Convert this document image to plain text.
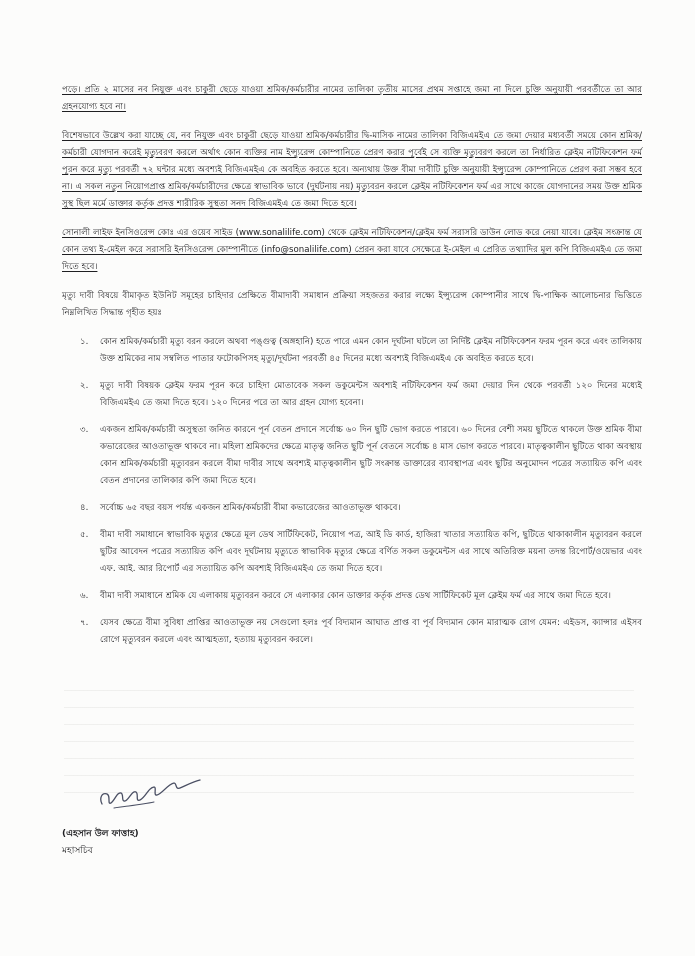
পড়ে। প্রতি ২ মাসের নব নিযুক্ত এবং চাকুরী ছেড়ে যাওয়া শ্রমিক/কর্মচারীর নামের তালিকা তৃতীয় মাসের প্রথম সপ্তাহে জমা না দিলে চুক্তি অনুযায়ী পরবর্তীতে তা আর গ্রহনযোগ্য হবে না।

বিশেষভাবে উল্লেখ করা যাচ্ছে যে, নব নিযুক্ত এবং চাকুরী ছেড়ে যাওয়া শ্রমিক/কর্মচারীর দ্বি-মাসিক নামের তালিকা বিজিএমইএ তে জমা দেয়ার মধ্যবর্তী সময়ে কোন শ্রমিক/কর্মচারী যোগদান করেই মৃত্যুবরণ করলে অর্থাৎ কোন ব্যক্তির নাম ইন্স্যুরেন্স কোম্পানিতে প্রেরণ করার পূর্বেই সে ব্যক্তি মৃত্যুবরণ করলে তা নির্ধারিত ক্লেইম নটিফিকেশন ফর্ম পূরন করে মৃত্যু পরবর্তী ৭২ ঘন্টার মধ্যে অবশ্যই বিজিএমইএ কে অবহিত করতে হবে। অন্যথায় উক্ত বীমা দাবীটি চুক্তি অনুযায়ী ইন্স্যুরেন্স কোম্পানিতে প্রেরণ করা সম্ভব হবে না। এ সকল নতুন নিয়োগপ্রাপ্ত শ্রমিক/কর্মচারীদের ক্ষেত্রে স্বাভাবিক ভাবে (দুর্ঘটনায় নয়) মৃত্যুবরন করলে ক্লেইম নটিফিকেশন ফর্ম এর সাথে কাজে যোগদানের সময় উক্ত শ্রমিক সুস্থ ছিল মর্মে ডাক্তার কর্তৃক প্রদত্ত শারীরিক সুস্থতা সনদ বিজিএমইএ তে জমা দিতে হবে।

সোনালী লাইফ ইনসিওরেন্স কোঃ এর ওয়েব সাইড (www.sonalilife.com) থেকে ক্লেইম নটিফিকেশন/ক্লেইম ফর্ম সরাসরি ডাউন লোড করে নেয়া যাবে। ক্লেইম সংক্রান্ত যে কোন তথ্য ই-মেইল করে সরাসরি ইনসিওরেন্স কোম্পানীতে (info@sonalilife.com) প্রেরন করা যাবে সেক্ষেত্রে ই-মেইল এ প্রেরিত তথ্যাদির মূল কপি বিজিএমইএ তে জমা দিতে হবে।

মৃত্যু দাবী বিষয়ে বীমাকৃত ইউনিট সমূহের চাহিদার প্রেক্ষিতে বীমাদাবী সমাধান প্রক্রিয়া সহজতর করার লক্ষ্যে ইন্স্যুরেন্স কোম্পানীর সাথে দ্বি-পাক্ষিক আলোচনার ভিত্তিতে নিম্নলিখিত সিদ্ধান্ত গৃহীত হয়ঃ

১.	কোন শ্রমিক/কর্মচারী মৃত্যু বরন করলে অথবা পঙ্গুত্ব (অঙ্গহানি) হতে পারে এমন কোন দূর্ঘটনা ঘটলে তা নির্দিষ্ট ক্লেইম নটিফিকেশন ফরম পূরন করে এবং তালিকায় উক্ত শ্রমিকের নাম সম্বলিত পাতার ফটোকপিসহ মৃত্যু/দূর্ঘটনা পরবর্তী ৪৫ দিনের মধ্যে অবশ্যই বিজিএমইএ কে অবহিত করতে হবে।
২.	মৃত্যু দাবী বিষয়ক ক্লেইম ফরম পূরন করে চাহিদা মোতাবেক সকল ডকুমেন্টস অবশ্যই নটিফিকেশন ফর্ম জমা দেয়ার দিন থেকে পরবর্তী ১২০ দিনের মধ্যেই বিজিএমইএ তে জমা দিতে হবে। ১২০ দিনের পরে তা আর গ্রহন যোগ্য হবেনা।
৩.	একজন শ্রমিক/কর্মচারী অসুস্থতা জনিত কারনে পূর্ন বেতন প্রদানে সর্বোচ্চ ৬০ দিন ছুটি ভোগ করতে পারবে। ৬০ দিনের বেশী সময় ছুটিতে থাকলে উক্ত শ্রমিক বীমা কভারেজের আওতাভূক্ত থাকবে না। মহিলা শ্রমিকদের ক্ষেত্রে মাতৃত্ব জনিত ছুটি পূর্ন বেতনে সর্বোচ্চ ৪ মাস ভোগ করতে পারবে। মাতৃত্বকালীন ছুটিতে থাকা অবস্থায় কোন শ্রমিক/কর্মচারী মৃত্যুবরন করলে বীমা দাবীর সাথে অবশ্যই মাতৃত্বকালীন ছুটি সংক্রান্ত ডাক্তারের ব্যাবস্থাপত্র এবং ছুটির অনুমোদন পত্রের সত্যায়িত কপি এবং বেতন প্রদানের তালিকার কপি জমা দিতে হবে।
৪.	সর্বোচ্চ ৬৫ বছর বয়স পর্যন্ত একজন শ্রমিক/কর্মচারী বীমা কভারেজের আওতাভূক্ত থাকবে।
৫.	বীমা দাবী সমাধানে স্বাভাবিক মৃত্যুর ক্ষেত্রে মূল ডেথ সার্টিফিকেট, নিয়োগ পত্র, আই ডি কার্ড, হাজিরা খাতার সত্যায়িত কপি, ছুটিতে থাকাকালীন মৃত্যুবরন করলে ছুটির আবেদন পত্রের সত্যায়িত কপি এবং দূর্ঘটনায় মৃত্যুতে স্বাভাবিক মৃত্যুর ক্ষেত্রে বর্ণিত সকল ডকুমেন্টস এর সাথে অতিরিক্ত ময়না তদন্ত রিপোর্ট/ওয়েভার এবং এফ. আই. আর রিপোর্ট এর সত্যায়িত কপি অবশ্যই বিজিএমইএ তে জমা দিতে হবে।
৬.	বীমা দাবী সমাধানে শ্রমিক যে এলাকায় মৃত্যুবরন করবে সে এলাকার কোন ডাক্তার কর্তৃক প্রদত্ত ডেথ সার্টিফিকেট মূল ক্লেইম ফর্ম এর সাথে জমা দিতে হবে।
৭.	যেসব ক্ষেত্রে বীমা সুবিধা প্রাপ্তির আওতাভূক্ত নয় সেগুলো হলঃ পূর্ব বিদ্যমান আঘাত প্রাপ্ত বা পূর্ব বিদ্যমান কোন মারাত্মক রোগ যেমন: এইডস, ক্যান্সার এইসব রোগে মৃত্যুবরন করলে এবং আত্মহত্যা, হত্যায় মৃত্যুবরন করলে।
(এহসান উল ফাত্তাহ)
মহাসচিব
